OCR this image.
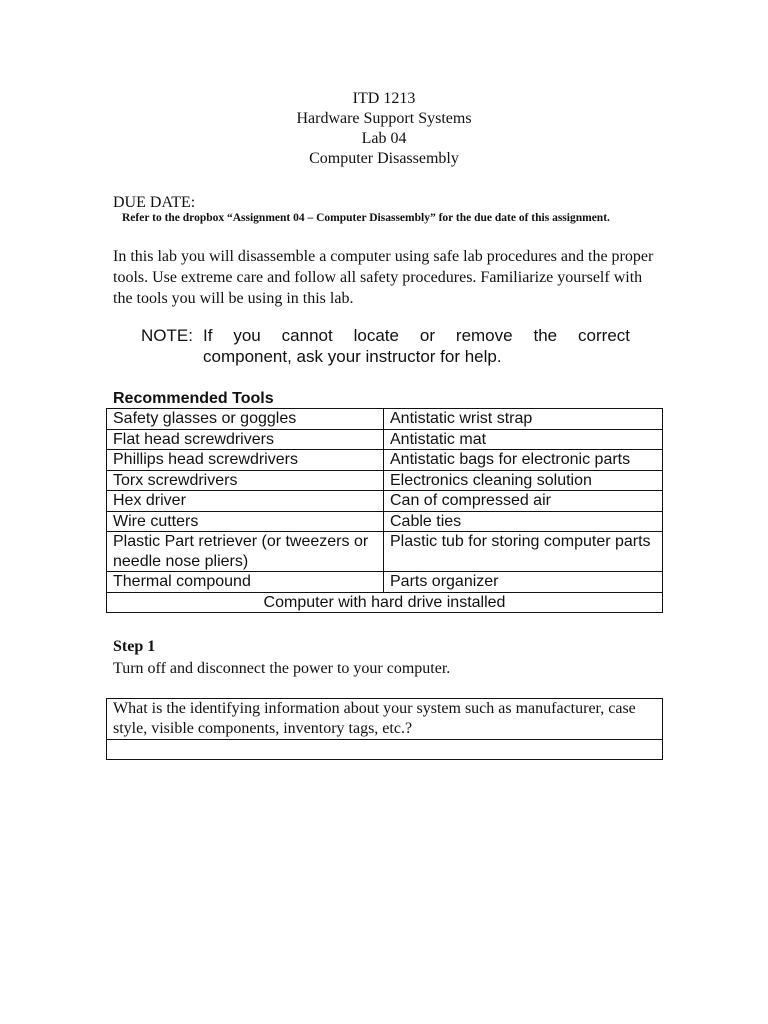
ITD 1213
Hardware Support Systems
Lab 04
Computer Disassembly
DUE DATE:
Refer to the dropbox “Assignment 04 – Computer Disassembly” for the due date of this assignment.
In this lab you will disassemble a computer using safe lab procedures and the proper tools. Use extreme care and follow all safety procedures. Familiarize yourself with the tools you will be using in this lab.
NOTE: If you cannot locate or remove the correct
component, ask your instructor for help.
Recommended Tools
Safety glasses or goggles	Antistatic wrist strap
Flat head screwdrivers	Antistatic mat
Phillips head screwdrivers	Antistatic bags for electronic parts
Torx screwdrivers	Electronics cleaning solution
Hex driver	Can of compressed air
Wire cutters	Cable ties
Plastic Part retriever (or tweezers or needle nose pliers)	Plastic tub for storing computer parts
Thermal compound	Parts organizer
Computer with hard drive installed	
Step 1
Turn off and disconnect the power to your computer.
What is the identifying information about your system such as manufacturer, case style, visible components, inventory tags, etc.?
